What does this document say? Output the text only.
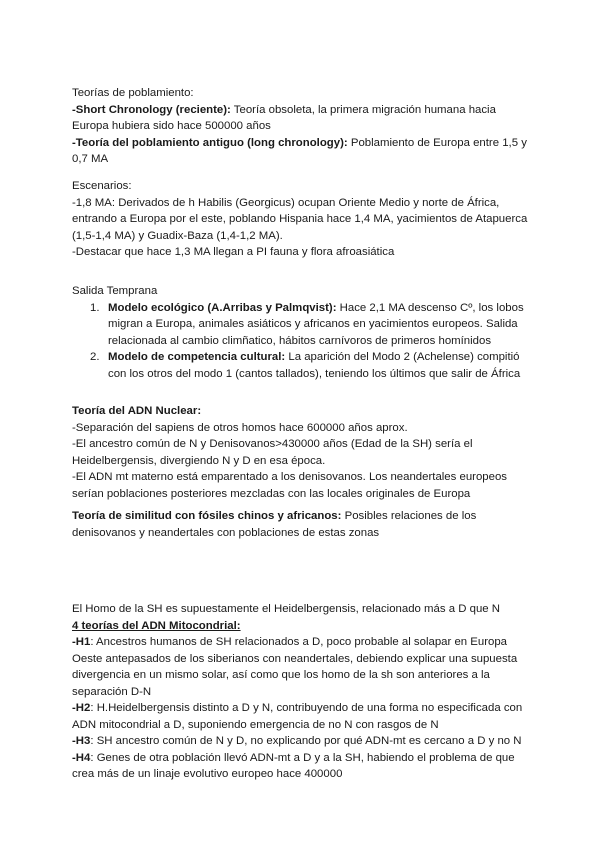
Teorías de poblamiento:

-Short Chronology (reciente): Teoría obsoleta, la primera migración humana hacia Europa hubiera sido hace 500000 años

-Teoría del poblamiento antiguo (long chronology): Poblamiento de Europa entre 1,5 y 0,7 MA

Escenarios:

-1,8 MA: Derivados de h Habilis (Georgicus) ocupan Oriente Medio y norte de África, entrando a Europa por el este, poblando Hispania hace 1,4 MA, yacimientos de Atapuerca (1,5-1,4 MA) y Guadix-Baza (1,4-1,2 MA).

-Destacar que hace 1,3 MA llegan a PI fauna y flora afroasiática

Salida Temprana

1. Modelo ecológico (A.Arribas y Palmqvist): Hace 2,1 MA descenso Cº, los lobos migran a Europa, animales asiáticos y africanos en yacimientos europeos. Salida relacionada al cambio climñatico, hábitos carnívoros de primeros homínidos
2. Modelo de competencia cultural: La aparición del Modo 2 (Achelense) compitió con los otros del modo 1 (cantos tallados), teniendo los últimos que salir de África

Teoría del ADN Nuclear:

-Separación del sapiens de otros homos hace 600000 años aprox.

-El ancestro común de N y Denisovanos>430000 años (Edad de la SH) sería el Heidelbergensis, divergiendo N y D en esa época.

-El ADN mt materno está emparentado a los denisovanos. Los neandertales europeos serían poblaciones posteriores mezcladas con las locales originales de Europa

Teoría de similitud con fósiles chinos y africanos: Posibles relaciones de los denisovanos y neandertales con poblaciones de estas zonas

El Homo de la SH es supuestamente el Heidelbergensis, relacionado más a D que N

4 teorías del ADN Mitocondrial:

-H1: Ancestros humanos de SH relacionados a D, poco probable al solapar en Europa Oeste antepasados de los siberianos con neandertales, debiendo explicar una supuesta divergencia en un mismo solar, así como que los homo de la sh son anteriores a la separación D-N

-H2: H.Heidelbergensis distinto a D y N, contribuyendo de una forma no especificada con ADN mitocondrial a D, suponiendo emergencia de no N con rasgos de N

-H3: SH ancestro común de N y D, no explicando por qué ADN-mt es cercano a D y no N

-H4: Genes de otra población llevó ADN-mt a D y a la SH, habiendo el problema de que crea más de un linaje evolutivo europeo hace 400000
